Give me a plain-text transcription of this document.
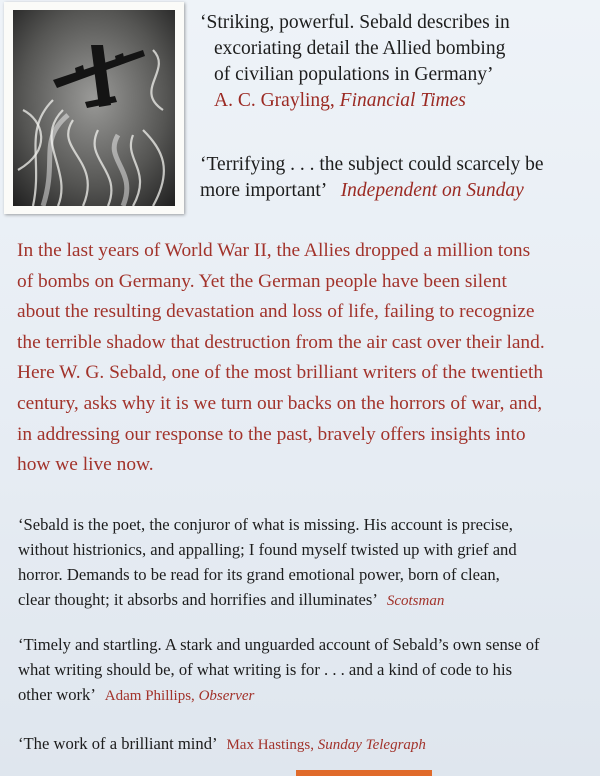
‘Striking, powerful. Sebald describes in
excoriating detail the Allied bombing
of civilian populations in Germany’
A. C. Grayling, Financial Times
‘Terrifying . . . the subject could scarcely be
more important’ Independent on Sunday

In the last years of World War II, the Allies dropped a million tons
of bombs on Germany. Yet the German people have been silent
about the resulting devastation and loss of life, failing to recognize
the terrible shadow that destruction from the air cast over their land.
Here W. G. Sebald, one of the most brilliant writers of the twentieth
century, asks why it is we turn our backs on the horrors of war, and,
in addressing our response to the past, bravely offers insights into
how we live now.

‘Sebald is the poet, the conjuror of what is missing. His account is precise,
without histrionics, and appalling; I found myself twisted up with grief and
horror. Demands to be read for its grand emotional power, born of clean,
clear thought; it absorbs and horrifies and illuminates’ Scotsman

‘Timely and startling. A stark and unguarded account of Sebald’s own sense of
what writing should be, of what writing is for . . . and a kind of code to his
other work’ Adam Phillips, Observer

‘The work of a brilliant mind’ Max Hastings, Sunday Telegraph
